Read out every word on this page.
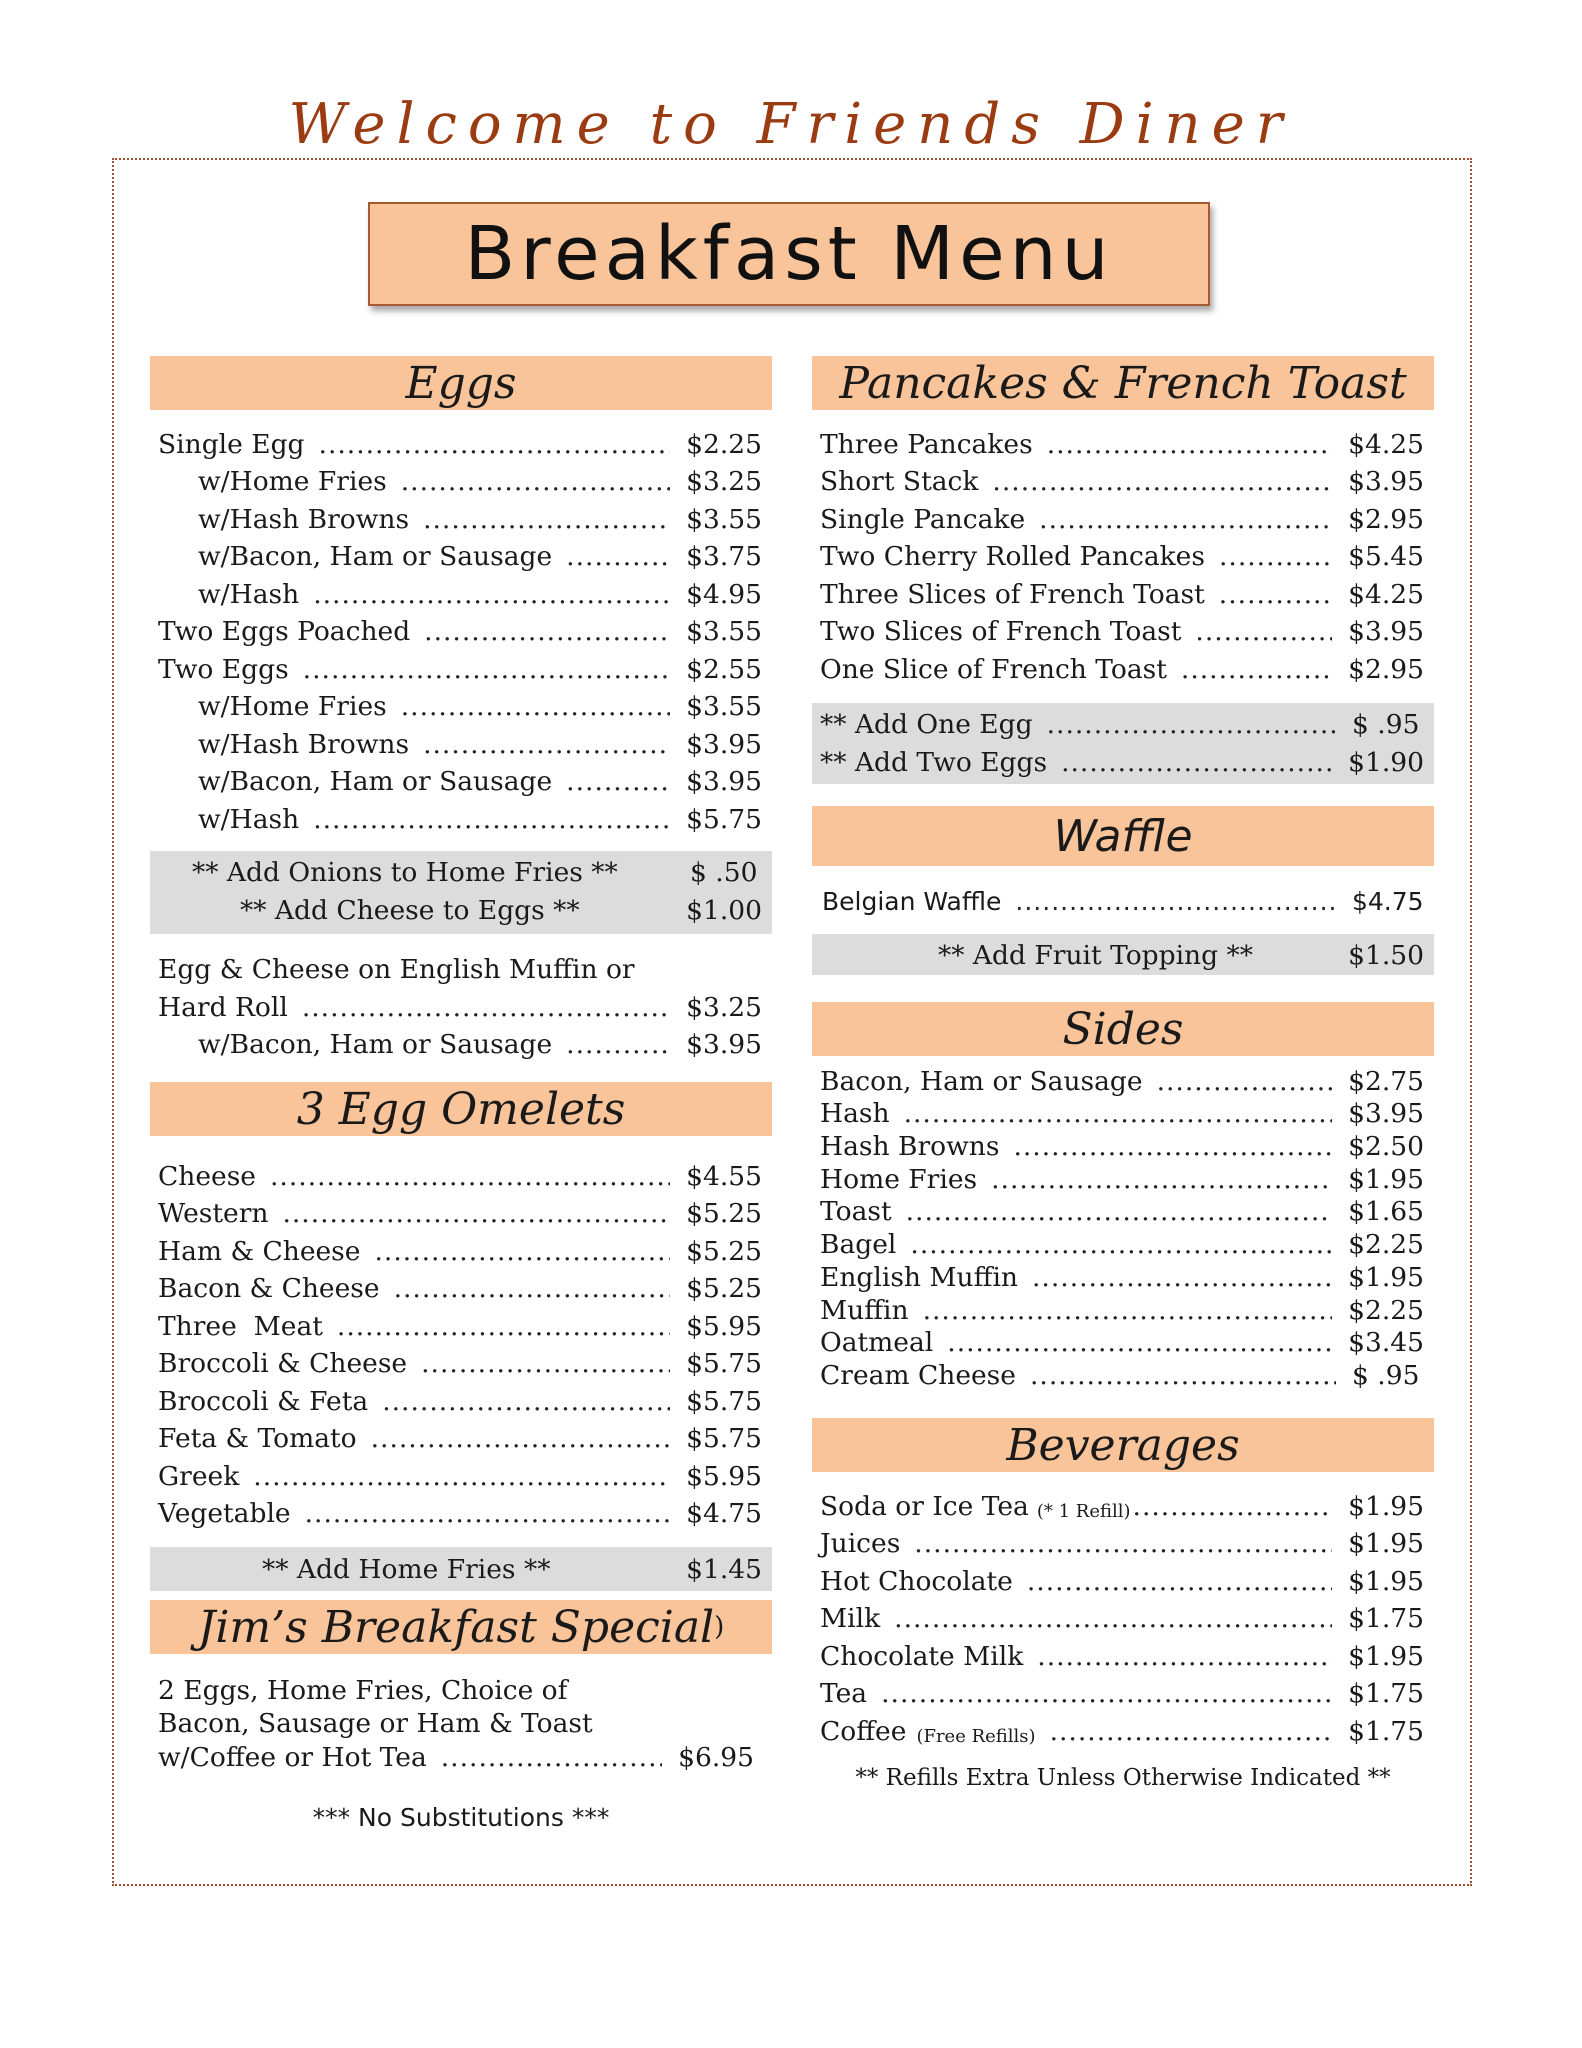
Welcome to Friends Diner
Breakfast Menu
Eggs
Single Egg .....	$2.25
w/Home Fries .....	$3.25
w/Hash Browns .....	$3.55
w/Bacon, Ham or Sausage .....	$3.75
w/Hash .....	$4.95
Two Eggs Poached .....	$3.55
Two Eggs .....	$2.55
w/Home Fries .....	$3.55
w/Hash Browns .....	$3.95
w/Bacon, Ham or Sausage .....	$3.95
w/Hash .....	$5.75
** Add Onions to Home Fries **	$ .50
** Add Cheese to Eggs **	$1.00
Egg & Cheese on English Muffin or
Hard Roll .....	$3.25
w/Bacon, Ham or Sausage .....	$3.95
3 Egg Omelets
Cheese .....	$4.55
Western .....	$5.25
Ham & Cheese .....	$5.25
Bacon & Cheese .....	$5.25
Three  Meat .....	$5.95
Broccoli & Cheese .....	$5.75
Broccoli & Feta .....	$5.75
Feta & Tomato .....	$5.75
Greek .....	$5.95
Vegetable .....	$4.75
** Add Home Fries **	$1.45
Jim’s Breakfast Special )
2 Eggs, Home Fries, Choice of
Bacon, Sausage or Ham & Toast
w/Coffee or Hot Tea .....	$6.95
*** No Substitutions ***
Pancakes & French Toast
Three Pancakes .....	$4.25
Short Stack .....	$3.95
Single Pancake .....	$2.95
Two Cherry Rolled Pancakes .....	$5.45
Three Slices of French Toast .....	$4.25
Two Slices of French Toast .....	$3.95
One Slice of French Toast .....	$2.95
** Add One Egg .....	$ .95
** Add Two Eggs .....	$1.90
Waffle
Belgian Waffle .....	$4.75
** Add Fruit Topping **	$1.50
Sides
Bacon, Ham or Sausage .....	$2.75
Hash .....	$3.95
Hash Browns .....	$2.50
Home Fries .....	$1.95
Toast .....	$1.65
Bagel .....	$2.25
English Muffin .....	$1.95
Muffin .....	$2.25
Oatmeal .....	$3.45
Cream Cheese .....	$ .95
Beverages
Soda or Ice Tea (* 1 Refill) .....	$1.95
Juices .....	$1.95
Hot Chocolate .....	$1.95
Milk .....	$1.75
Chocolate Milk .....	$1.95
Tea .....	$1.75
Coffee (Free Refills) .....	$1.75
** Refills Extra Unless Otherwise Indicated **
